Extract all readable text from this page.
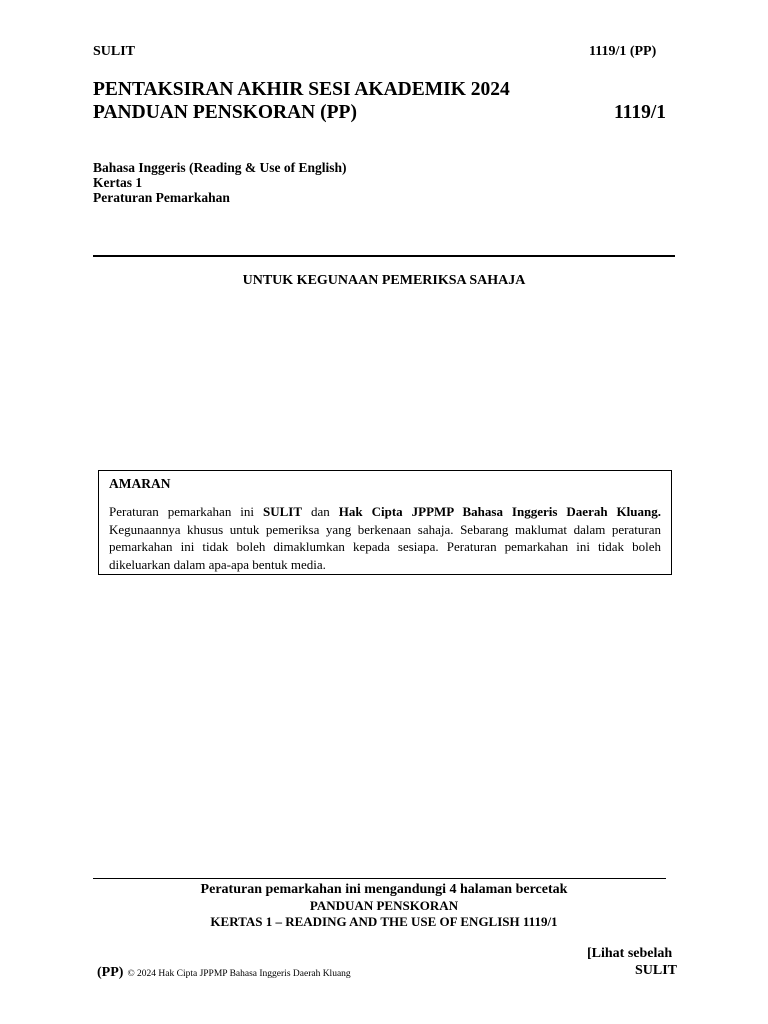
SULIT	1119/1 (PP)
PENTAKSIRAN AKHIR SESI AKADEMIK 2024
PANDUAN PENSKORAN (PP)	1119/1
Bahasa Inggeris (Reading & Use of English)
Kertas 1
Peraturan Pemarkahan
UNTUK KEGUNAAN PEMERIKSA SAHAJA
AMARAN
Peraturan pemarkahan ini SULIT dan Hak Cipta JPPMP Bahasa Inggeris Daerah Kluang. Kegunaannya khusus untuk pemeriksa yang berkenaan sahaja. Sebarang maklumat dalam peraturan pemarkahan ini tidak boleh dimaklumkan kepada sesiapa. Peraturan pemarkahan ini tidak boleh dikeluarkan dalam apa-apa bentuk media.
Peraturan pemarkahan ini mengandungi 4 halaman bercetak
PANDUAN PENSKORAN
KERTAS 1 – READING AND THE USE OF ENGLISH 1119/1
[Lihat sebelah
SULIT
(PP) © 2024 Hak Cipta JPPMP Bahasa Inggeris Daerah Kluang
